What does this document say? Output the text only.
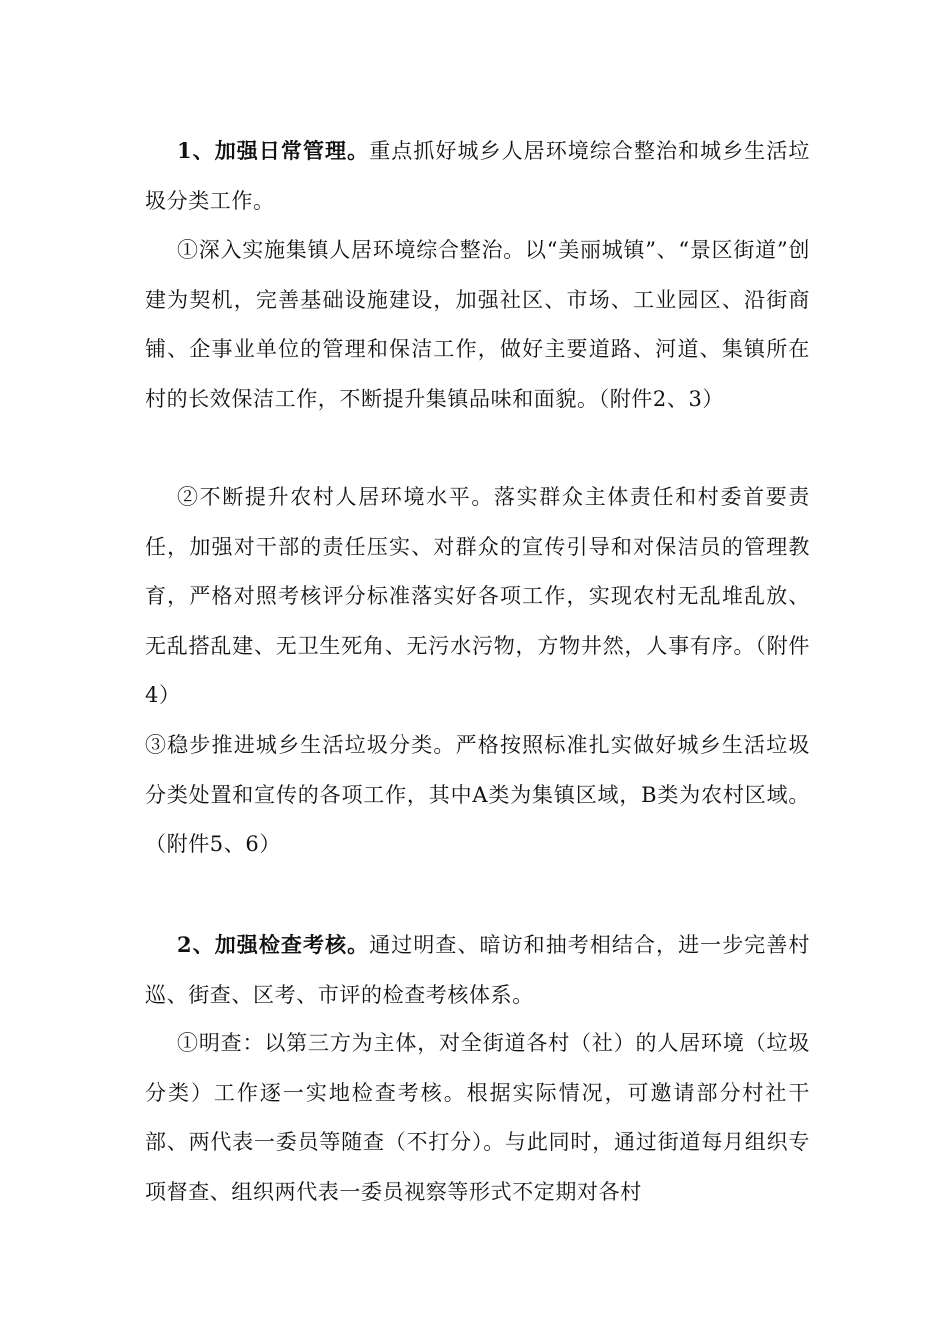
1、加强日常管理。重点抓好城乡人居环境综合整治和城乡生活垃圾分类工作。

①深入实施集镇人居环境综合整治。以“美丽城镇”、“景区街道”创建为契机，完善基础设施建设，加强社区、市场、工业园区、沿街商铺、企事业单位的管理和保洁工作，做好主要道路、河道、集镇所在村的长效保洁工作，不断提升集镇品味和面貌。（附件2、3）

②不断提升农村人居环境水平。落实群众主体责任和村委首要责任，加强对干部的责任压实、对群众的宣传引导和对保洁员的管理教育，严格对照考核评分标准落实好各项工作，实现农村无乱堆乱放、无乱搭乱建、无卫生死角、无污水污物，方物井然，人事有序。（附件4）

③稳步推进城乡生活垃圾分类。严格按照标准扎实做好城乡生活垃圾分类处置和宣传的各项工作，其中A类为集镇区域，B类为农村区域。（附件5、6）

2、加强检查考核。通过明查、暗访和抽考相结合，进一步完善村巡、街查、区考、市评的检查考核体系。

①明查：以第三方为主体，对全街道各村（社）的人居环境（垃圾分类）工作逐一实地检查考核。根据实际情况，可邀请部分村社干部、两代表一委员等随查（不打分）。与此同时，通过街道每月组织专项督查、组织两代表一委员视察等形式不定期对各村
